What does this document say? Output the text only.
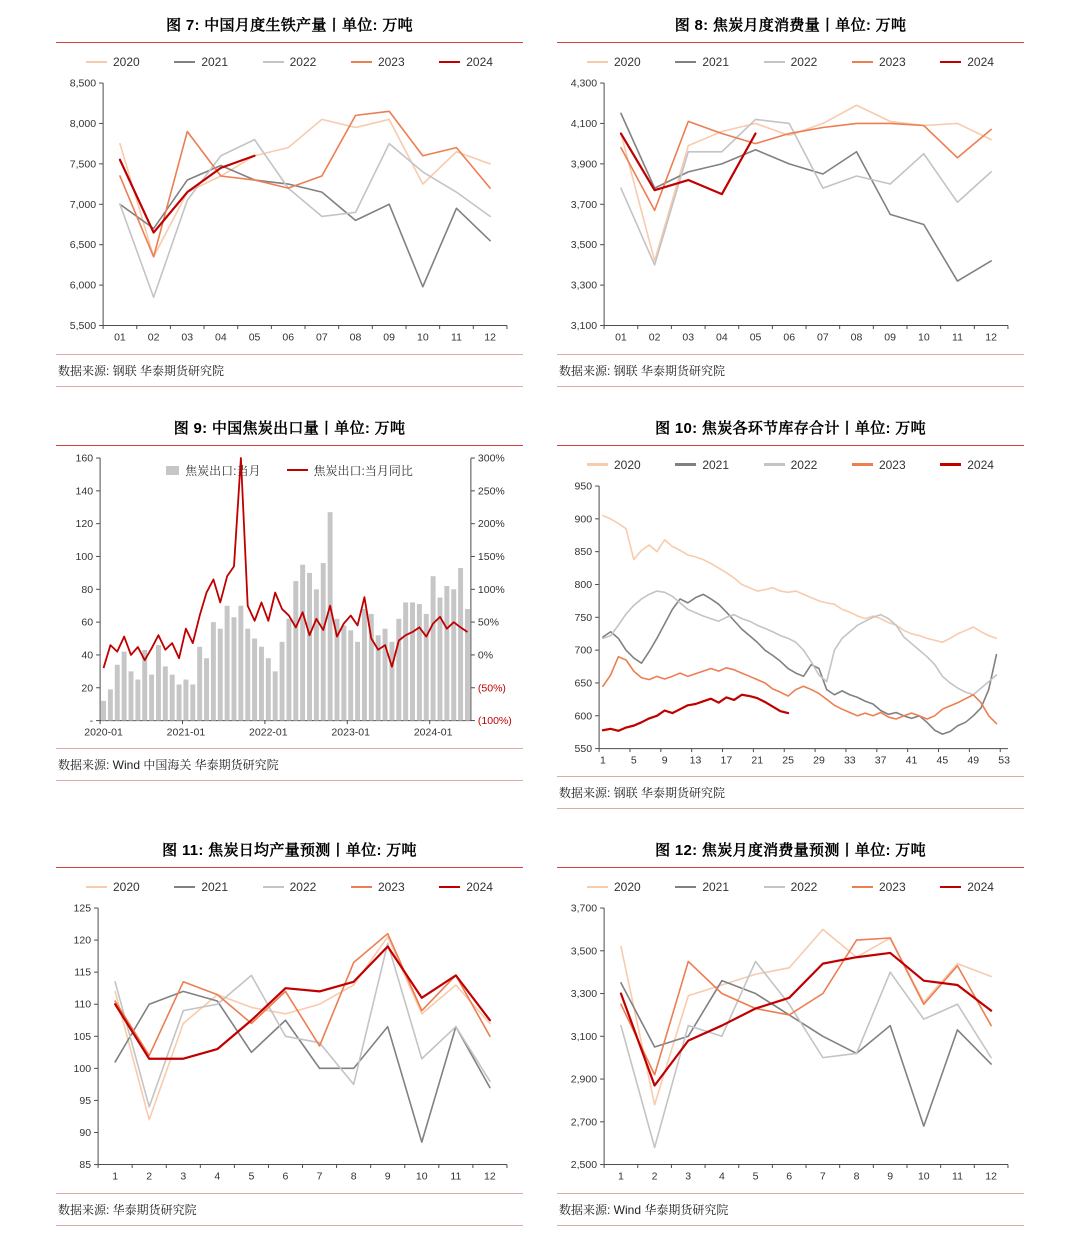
图 7: 中国月度生铁产量丨单位: 万吨
2020	2021	2022	2023	2024
5,500
6,000
6,500
7,000
7,500
8,000
8,500
01 02 03 04 05 06 07 08 09 10 11 12
数据来源: 钢联 华泰期货研究院
图 8: 焦炭月度消费量丨单位: 万吨
2020	2021	2022	2023	2024
3,100
3,300
3,500
3,700
3,900
4,100
4,300
01 02 03 04 05 06 07 08 09 10 11 12
数据来源: 钢联 华泰期货研究院
图 9: 中国焦炭出口量丨单位: 万吨
焦炭出口:当月	焦炭出口:当月同比
-
20
40
60
80
100
120
140
160
2020-01	2021-01	2022-01	2023-01	2024-01
(100%)
(50%)
0%
50%
100%
150%
200%
250%
300%
数据来源: Wind 中国海关 华泰期货研究院
图 10: 焦炭各环节库存合计丨单位: 万吨
2020	2021	2022	2023	2024
550
600
650
700
750
800
850
900
950
1 5 9 13 17 21 25 29 33 37 41 45 49 53
数据来源: 钢联 华泰期货研究院
图 11: 焦炭日均产量预测丨单位: 万吨
2020	2021	2022	2023	2024
85
90
95
100
105
110
115
120
125
1	2	3	4	5	6	7	8	9 10 11 12
数据来源: 华泰期货研究院
图 12: 焦炭月度消费量预测丨单位: 万吨
2020	2021	2022	2023	2024
2,500
2,700
2,900
3,100
3,300
3,500
3,700
1	2	3	4	5	6	7	8	9 10 11 12
数据来源: Wind 华泰期货研究院
